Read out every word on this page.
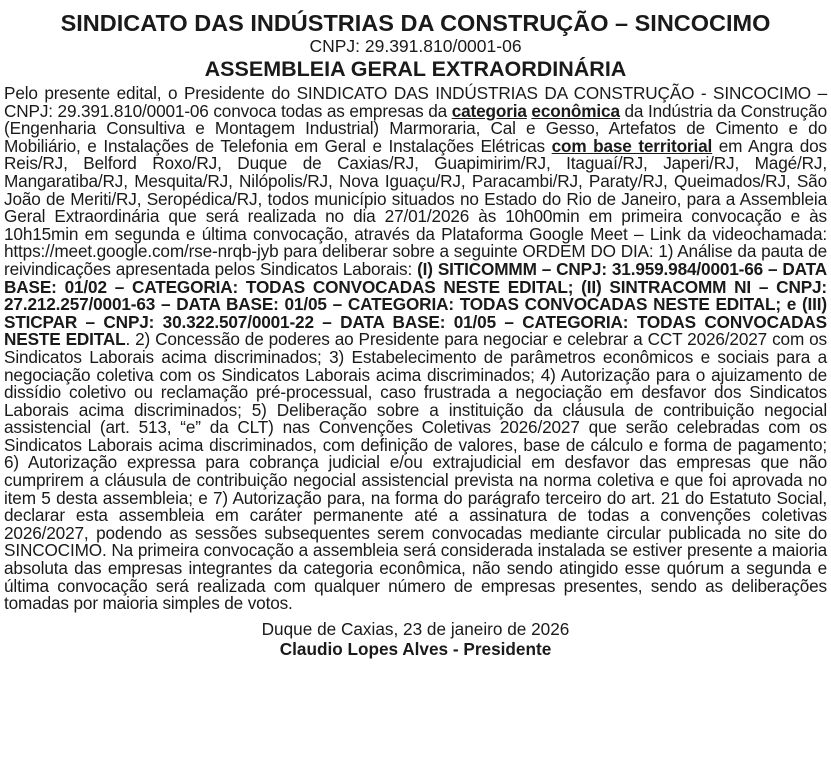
SINDICATO DAS INDÚSTRIAS DA CONSTRUÇÃO – SINCOCIMO

CNPJ: 29.391.810/0001-06

ASSEMBLEIA GERAL EXTRAORDINÁRIA

Pelo presente edital, o Presidente do SINDICATO DAS INDÚSTRIAS DA CONSTRUÇÃO - SINCOCIMO – CNPJ: 29.391.810/0001-06 convoca todas as empresas da categoria econômica da Indústria da Construção (Engenharia Consultiva e Montagem Industrial) Marmoraria, Cal e Gesso, Artefatos de Cimento e do Mobiliário, e Instalações de Telefonia em Geral e Instalações Elétricas com base territorial em Angra dos Reis/RJ, Belford Roxo/RJ, Duque de Caxias/RJ, Guapimirim/RJ, Itaguaí/RJ, Japeri/RJ, Magé/RJ, Mangaratiba/RJ, Mesquita/RJ, Nilópolis/RJ, Nova Iguaçu/RJ, Paracambi/RJ, Paraty/RJ, Queimados/RJ, São João de Meriti/RJ, Seropédica/RJ, todos município situados no Estado do Rio de Janeiro, para a Assembleia Geral Extraordinária que será realizada no dia 27/01/2026 às 10h00min em primeira convocação e às 10h15min em segunda e última convocação, através da Plataforma Google Meet – Link da videochamada: https://meet.google.com/rse-nrqb-jyb para deliberar sobre a seguinte ORDEM DO DIA: 1) Análise da pauta de reivindicações apresentada pelos Sindicatos Laborais: (I) SITICOMMM – CNPJ: 31.959.984/0001-66 – DATA BASE: 01/02 – CATEGORIA: TODAS CONVOCADAS NESTE EDITAL; (II) SINTRACOMM NI – CNPJ: 27.212.257/0001-63 – DATA BASE: 01/05 – CATEGORIA: TODAS CONVOCADAS NESTE EDITAL; e (III) STICPAR – CNPJ: 30.322.507/0001-22 – DATA BASE: 01/05 – CATEGORIA: TODAS CONVOCADAS NESTE EDITAL. 2) Concessão de poderes ao Presidente para negociar e celebrar a CCT 2026/2027 com os Sindicatos Laborais acima discriminados; 3) Estabelecimento de parâmetros econômicos e sociais para a negociação coletiva com os Sindicatos Laborais acima discriminados; 4) Autorização para o ajuizamento de dissídio coletivo ou reclamação pré-processual, caso frustrada a negociação em desfavor dos Sindicatos Laborais acima discriminados; 5) Deliberação sobre a instituição da cláusula de contribuição negocial assistencial (art. 513, “e” da CLT) nas Convenções Coletivas 2026/2027 que serão celebradas com os Sindicatos Laborais acima discriminados, com definição de valores, base de cálculo e forma de pagamento; 6) Autorização expressa para cobrança judicial e/ou extrajudicial em desfavor das empresas que não cumprirem a cláusula de contribuição negocial assistencial prevista na norma coletiva e que foi aprovada no item 5 desta assembleia; e 7) Autorização para, na forma do parágrafo terceiro do art. 21 do Estatuto Social, declarar esta assembleia em caráter permanente até a assinatura de todas a convenções coletivas 2026/2027, podendo as sessões subsequentes serem convocadas mediante circular publicada no site do SINCOCIMO. Na primeira convocação a assembleia será considerada instalada se estiver presente a maioria absoluta das empresas integrantes da categoria econômica, não sendo atingido esse quórum a segunda e última convocação será realizada com qualquer número de empresas presentes, sendo as deliberações tomadas por maioria simples de votos.

Duque de Caxias, 23 de janeiro de 2026

Claudio Lopes Alves - Presidente
